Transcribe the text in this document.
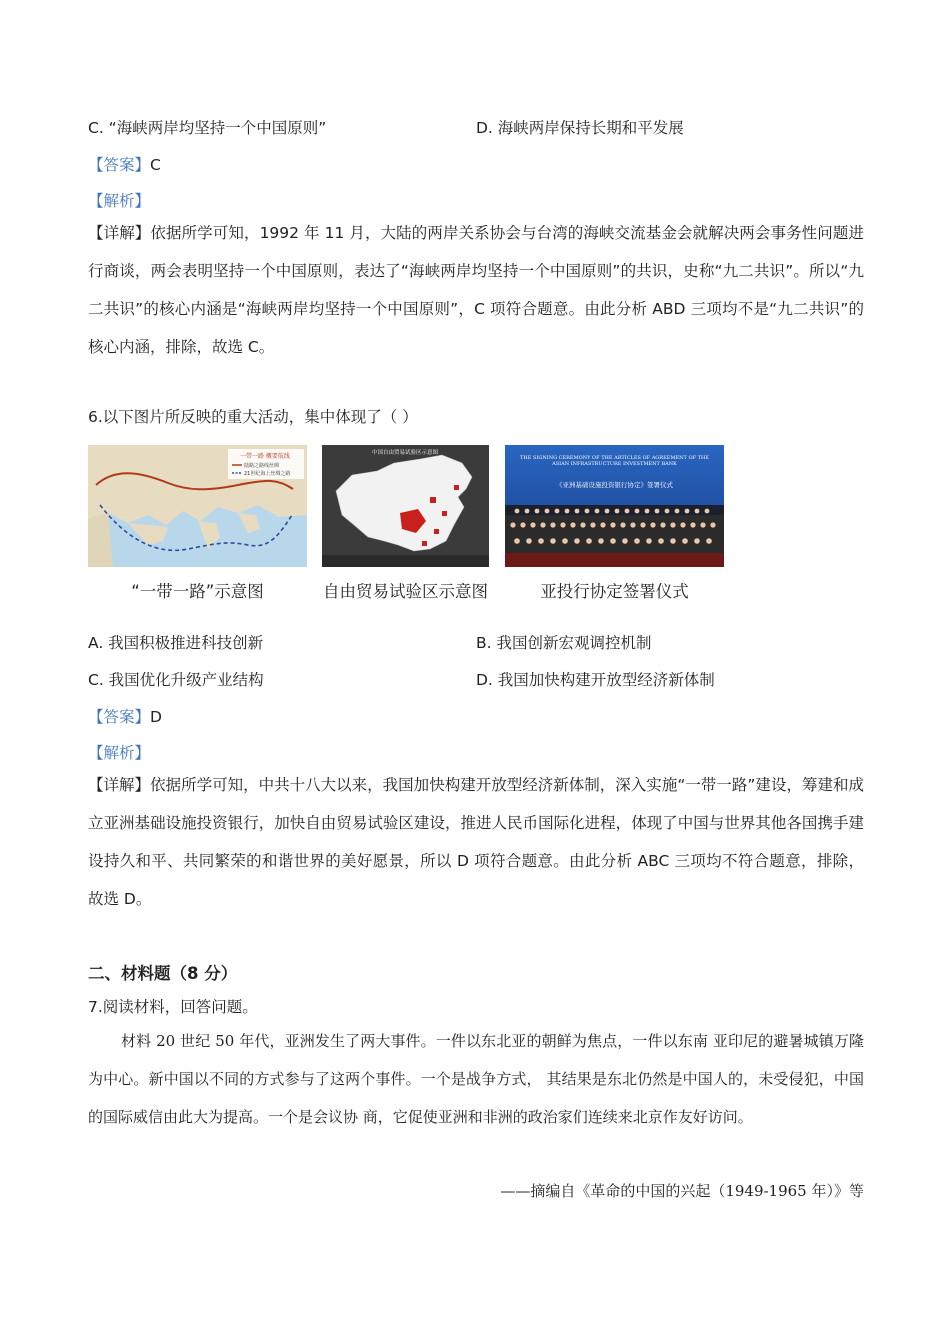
C. “海峡两岸均坚持一个中国原则”	D. 海峡两岸保持长期和平发展
【答案】C
【解析】
【详解】依据所学可知，1992 年 11 月，大陆的两岸关系协会与台湾的海峡交流基金会就解决两会事务性问题进行商谈，两会表明坚持一个中国原则，表达了“海峡两岸均坚持一个中国原则”的共识，史称“九二共识”。所以“九二共识”的核心内涵是“海峡两岸均坚持一个中国原则”，C 项符合题意。由此分析 ABD 三项均不是“九二共识”的核心内涵，排除，故选 C。
6.以下图片所反映的重大活动，集中体现了（ ）
一带一路 概要航线
陆路之路线丝绸
21世纪海上丝绸之路
“一带一路”示意图
中国自由贸易试验区示意图
自由贸易试验区示意图
THE SIGNING CEREMONY OF THE ARTICLES OF AGREEMENT OF THE ASIAN INFRASTRUCTURE INVESTMENT BANK
《亚洲基础设施投资银行协定》签署仪式
亚投行协定签署仪式
A. 我国积极推进科技创新	B. 我国创新宏观调控机制
C. 我国优化升级产业结构	D. 我国加快构建开放型经济新体制
【答案】D
【解析】
【详解】依据所学可知，中共十八大以来，我国加快构建开放型经济新体制，深入实施“一带一路”建设，筹建和成立亚洲基础设施投资银行，加快自由贸易试验区建设，推进人民币国际化进程，体现了中国与世界其他各国携手建设持久和平、共同繁荣的和谐世界的美好愿景，所以 D 项符合题意。由此分析 ABC 三项均不符合题意，排除，故选 D。
二、材料题（8 分）
7.阅读材料，回答问题。
材料 20 世纪 50 年代，亚洲发生了两大事件。一件以东北亚的朝鲜为焦点，一件以东南 亚印尼的避暑城镇万隆为中心。新中国以不同的方式参与了这两个事件。一个是战争方式， 其结果是东北仍然是中国人的，未受侵犯，中国的国际威信由此大为提高。一个是会议协 商，它促使亚洲和非洲的政治家们连续来北京作友好访问。
——摘编自《革命的中国的兴起（1949-1965 年）》等
